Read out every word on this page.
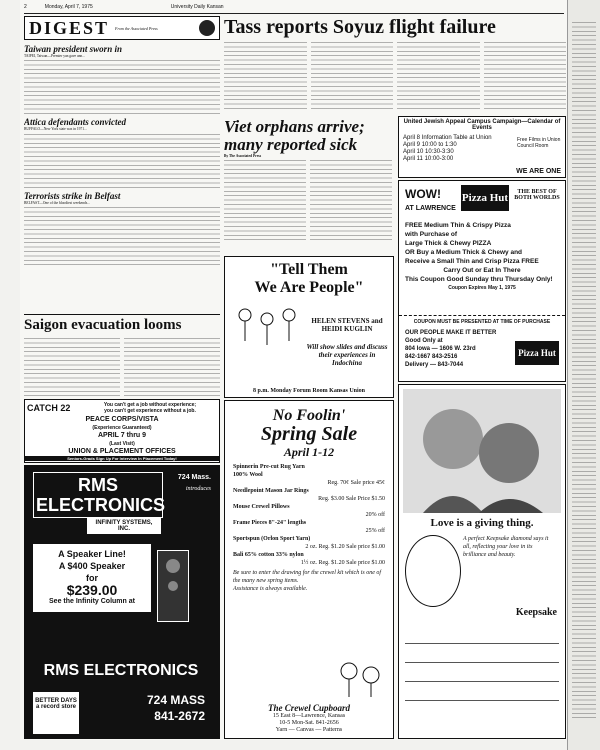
2	Monday, April 7, 1975	University Daily Kansan
DIGEST From the Associated Press
Taiwan president sworn in

TAIPEI, Taiwan—Premier yan gave ann...

Attica defendants convicted

BUFFALO—New York state was in 1971...

Terrorists strike in Belfast

BELFAST—One of the bloodiest weekends...

Saigon evacuation looms
CATCH 22	You can't get a job without experience;
you can't get experience without a job.
PEACE CORPS/VISTA
(Experience Guaranteed)
APRIL 7 thru 9
(Last Visit)
UNION & PLACEMENT OFFICES
Seniors-Grads Sign Up For Interview In Placement Today!
RMS ELECTRONICS
724 Mass.
introduces
INFINITY SYSTEMS, INC.
A Speaker Line!
A $400 Speaker
for
$239.00
See the Infinity Column at
RMS ELECTRONICS
BETTER DAYS a record store	724 MASS
841-2672
Tass reports Soyuz flight failure
Viet orphans arrive; many reported sick
By The Associated Press
United Jewish Appeal Campus Campaign—Calendar of Events
April 8 Information Table at Union
April 9 10:00 to 1:30
April 10 10:30-3:30
April 11 10:00-3:00
Free Films in Union Council Room
WE ARE ONE
WOW!
AT LAWRENCE
Pizza Hut	THE BEST OF BOTH WORLDS
FREE Medium Thin & Crispy Pizza
with Purchase of
Large Thick & Chewy PIZZA
OR Buy a Medium Thick & Chewy and
Receive a Small Thin and Crisp Pizza FREE
Carry Out or Eat In There
This Coupon Good Sunday thru Thursday Only!
Coupon Expires May 1, 1975
COUPON MUST BE PRESENTED AT TIME OF PURCHASE
OUR PEOPLE MAKE IT BETTER
Good Only at
804 Iowa — 1606 W. 23rd
842-1667 843-2516
Delivery — 843-7044
Pizza Hut
"Tell Them
We Are People"
HELEN STEVENS and HEIDI KUGLIN
Will show slides and discuss their experiences in Indochina
8 p.m. Monday Forum Room Kansas Union
No Foolin'
Spring Sale
April 1-12
Spinnerin Pre-cut Rug Yarn
100% Wool
Reg. 70¢ Sale price 45¢
Needlepoint Mason Jar Rings
Reg. $3.00 Sale Price $1.50
Mouse Crewel Pillows
20% off
Frame Pieces 8"-24" lengths
25% off
Sportspun (Orlon Sport Yarn)
2 oz. Reg. $1.20 Sale price $1.00
Bali 65% cotton 33% nylon
1½ oz. Reg. $1.20 Sale price $1.00
Be sure to enter the drawing for the crewel kit which is one of the many new spring items.
Assistance is always available.
The Crewel Cupboard
15 East 8—Lawrence, Kansas
10-5 Mon-Sat. 841-2656
Yarn — Canvas — Patterns
Love is a giving thing.
A perfect Keepsake diamond says it all, reflecting your love in its brilliance and beauty.
Keepsake
